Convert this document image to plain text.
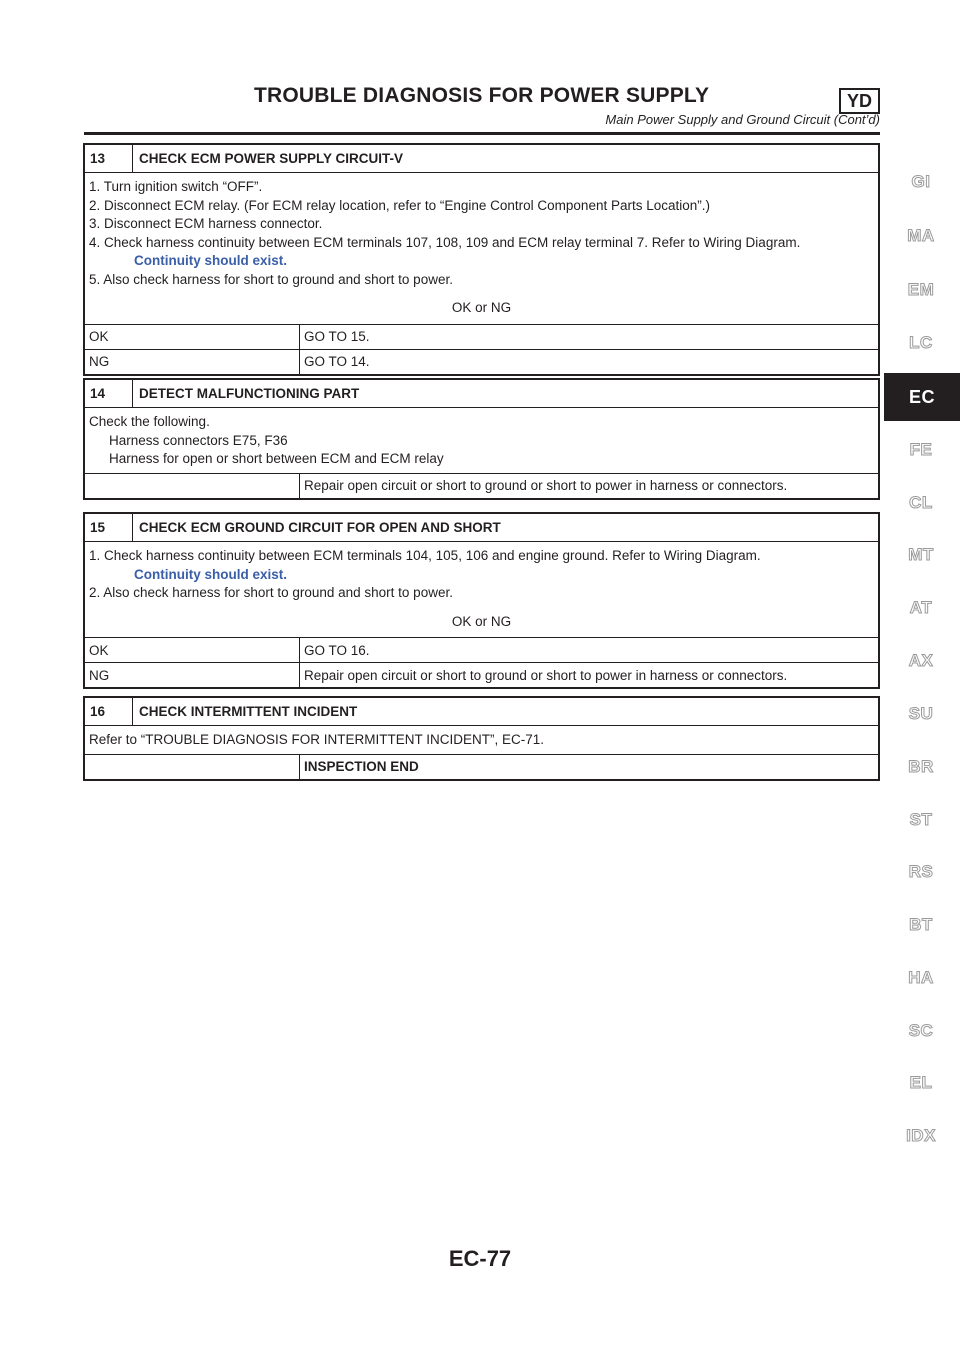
TROUBLE DIAGNOSIS FOR POWER SUPPLY	YD
Main Power Supply and Ground Circuit (Cont’d)
13	CHECK ECM POWER SUPPLY CIRCUIT-V
1. Turn ignition switch “OFF”.
2. Disconnect ECM relay. (For ECM relay location, refer to “Engine Control Component Parts Location”.)
3. Disconnect ECM harness connector.
4. Check harness continuity between ECM terminals 107, 108, 109 and ECM relay terminal 7. Refer to Wiring Diagram.
Continuity should exist.
5. Also check harness for short to ground and short to power.
OK or NG
OK	GO TO 15.
NG	GO TO 14.
14	DETECT MALFUNCTIONING PART
Check the following.
Harness connectors E75, F36
Harness for open or short between ECM and ECM relay
Repair open circuit or short to ground or short to power in harness or connectors.
15	CHECK ECM GROUND CIRCUIT FOR OPEN AND SHORT
1. Check harness continuity between ECM terminals 104, 105, 106 and engine ground. Refer to Wiring Diagram.
Continuity should exist.
2. Also check harness for short to ground and short to power.
OK or NG
OK	GO TO 16.
NG	Repair open circuit or short to ground or short to power in harness or connectors.
16	CHECK INTERMITTENT INCIDENT
Refer to “TROUBLE DIAGNOSIS FOR INTERMITTENT INCIDENT”, EC-71.
INSPECTION END
GI
MA
EM
LC
EC
FE
CL
MT
AT
AX
SU
BR
ST
RS
BT
HA
SC
EL
IDX
EC-77
